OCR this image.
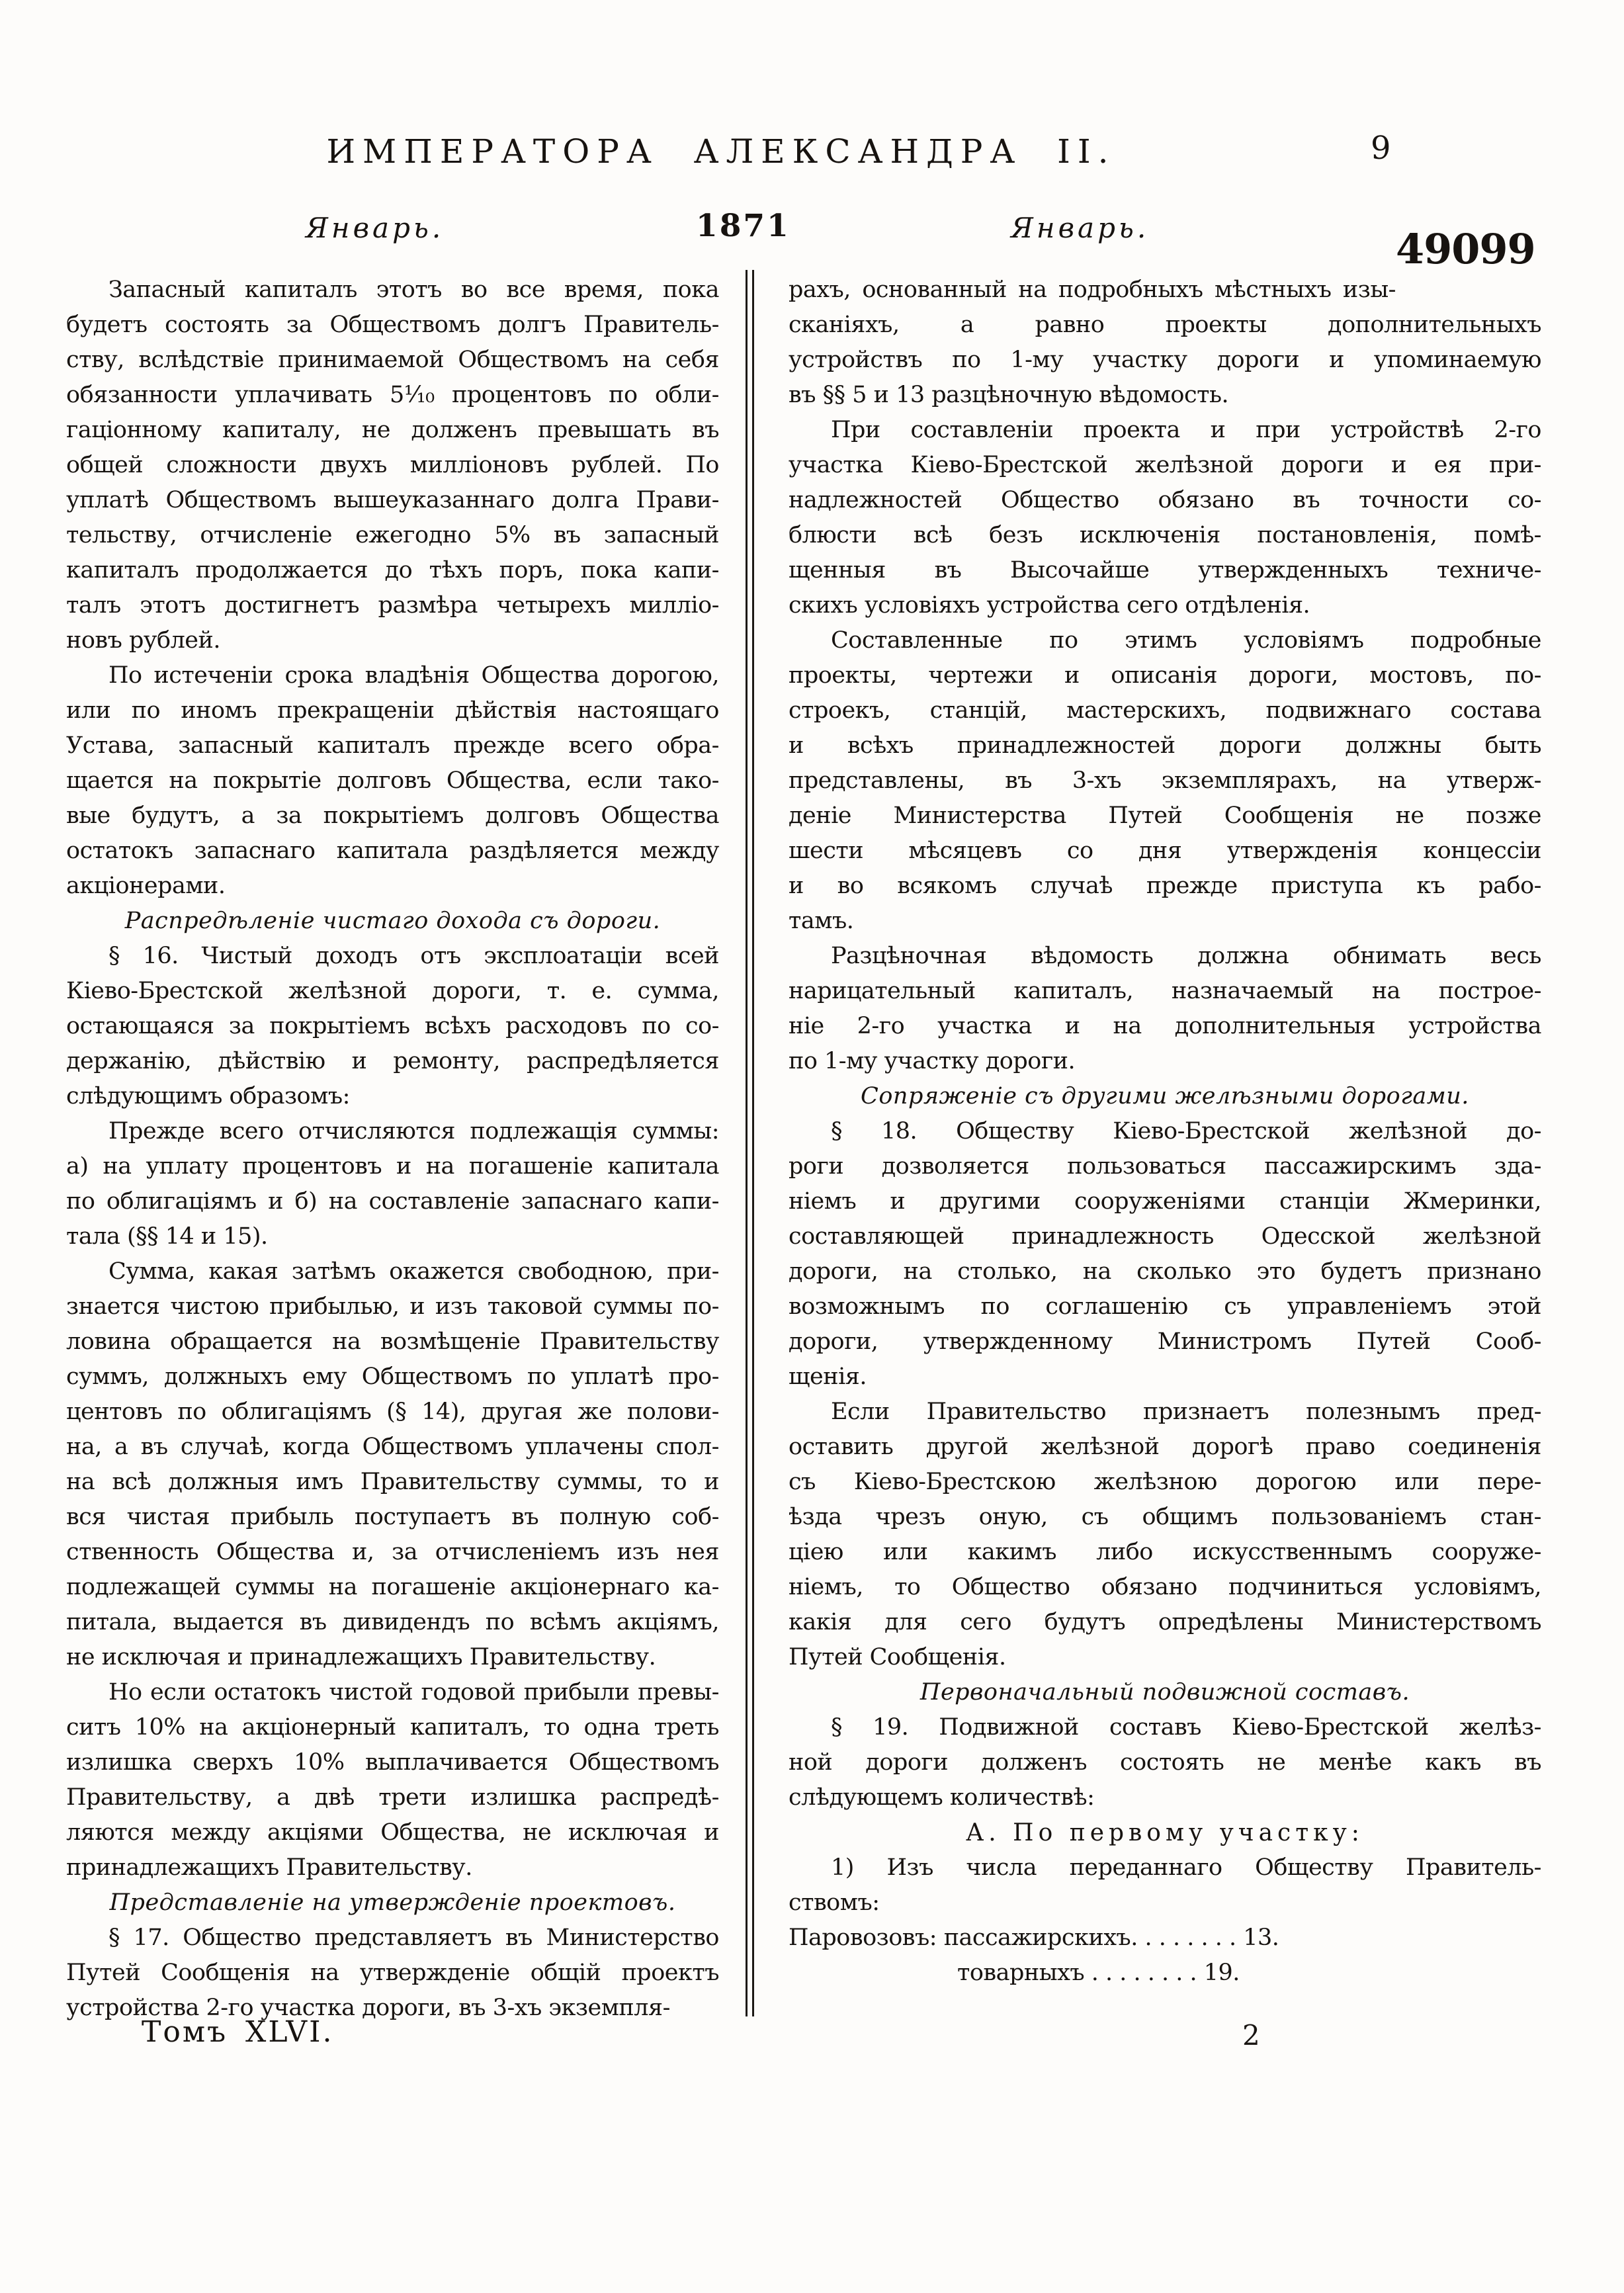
ИМПЕРАТОРА АЛЕКСАНДРА II.	9
Январь.	1871	Январь.	49099
Запасный капиталъ этотъ во все время, пока
будетъ состоять за Обществомъ долгъ Правитель-
ству, вслѣдствіе принимаемой Обществомъ на себя
обязанности уплачивать 5¹⁄₁₀ процентовъ по обли-
гаціонному капиталу, не долженъ превышать въ
общей сложности двухъ милліоновъ рублей. По
уплатѣ Обществомъ вышеуказаннаго долга Прави-
тельству, отчисленіе ежегодно 5% въ запасный
капиталъ продолжается до тѣхъ поръ, пока капи-
талъ этотъ достигнетъ размѣра четырехъ милліо-
новъ рублей.
По истеченіи срока владѣнія Общества дорогою,
или по иномъ прекращеніи дѣйствія настоящаго
Устава, запасный капиталъ прежде всего обра-
щается на покрытіе долговъ Общества, если тако-
вые будутъ, а за покрытіемъ долговъ Общества
остатокъ запаснаго капитала раздѣляется между
акціонерами.
Распредѣленіе чистаго дохода съ дороги.
§ 16. Чистый доходъ отъ эксплоатаціи всей
Кіево-Брестской желѣзной дороги, т. е. сумма,
остающаяся за покрытіемъ всѣхъ расходовъ по со-
держанію, дѣйствію и ремонту, распредѣляется
слѣдующимъ образомъ:
Прежде всего отчисляются подлежащія суммы:
а) на уплату процентовъ и на погашеніе капитала
по облигаціямъ и б) на составленіе запаснаго капи-
тала (§§ 14 и 15).
Сумма, какая затѣмъ окажется свободною, при-
знается чистою прибылью, и изъ таковой суммы по-
ловина обращается на возмѣщеніе Правительству
суммъ, должныхъ ему Обществомъ по уплатѣ про-
центовъ по облигаціямъ (§ 14), другая же полови-
на, а въ случаѣ, когда Обществомъ уплачены спол-
на всѣ должныя имъ Правительству суммы, то и
вся чистая прибыль поступаетъ въ полную соб-
ственность Общества и, за отчисленіемъ изъ нея
подлежащей суммы на погашеніе акціонернаго ка-
питала, выдается въ дивидендъ по всѣмъ акціямъ,
не исключая и принадлежащихъ Правительству.
Но если остатокъ чистой годовой прибыли превы-
ситъ 10% на акціонерный капиталъ, то одна треть
излишка сверхъ 10% выплачивается Обществомъ
Правительству, а двѣ трети излишка распредѣ-
ляются между акціями Общества, не исключая и
принадлежащихъ Правительству.
Представленіе на утвержденіе проектовъ.
§ 17. Общество представляетъ въ Министерство
Путей Сообщенія на утвержденіе общій проектъ
устройства 2-го участка дороги, въ 3-хъ экземпля-
рахъ, основанный на подробныхъ мѣстныхъ изы-
сканіяхъ, а равно проекты дополнительныхъ
устройствъ по 1-му участку дороги и упоминаемую
въ §§ 5 и 13 разцѣночную вѣдомость.
При составленіи проекта и при устройствѣ 2-го
участка Кіево-Брестской желѣзной дороги и ея при-
надлежностей Общество обязано въ точности со-
блюсти всѣ безъ исключенія постановленія, помѣ-
щенныя въ Высочайше утвержденныхъ техниче-
скихъ условіяхъ устройства сего отдѣленія.
Составленные по этимъ условіямъ подробные
проекты, чертежи и описанія дороги, мостовъ, по-
строекъ, станцій, мастерскихъ, подвижнаго состава
и всѣхъ принадлежностей дороги должны быть
представлены, въ 3-хъ экземплярахъ, на утверж-
деніе Министерства Путей Сообщенія не позже
шести мѣсяцевъ со дня утвержденія концессіи
и во всякомъ случаѣ прежде приступа къ рабо-
тамъ.
Разцѣночная вѣдомость должна обнимать весь
нарицательный капиталъ, назначаемый на построе-
ніе 2-го участка и на дополнительныя устройства
по 1-му участку дороги.
Сопряженіе съ другими желѣзными дорогами.
§ 18. Обществу Кіево-Брестской желѣзной до-
роги дозволяется пользоваться пассажирскимъ зда-
ніемъ и другими сооруженіями станціи Жмеринки,
составляющей принадлежность Одесской желѣзной
дороги, на столько, на сколько это будетъ признано
возможнымъ по соглашенію съ управленіемъ этой
дороги, утвержденному Министромъ Путей Сооб-
щенія.
Если Правительство признаетъ полезнымъ пред-
оставить другой желѣзной дорогѣ право соединенія
съ Кіево-Брестскою желѣзною дорогою или пере-
ѣзда чрезъ оную, съ общимъ пользованіемъ стан-
ціею или какимъ либо искусственнымъ сооруже-
ніемъ, то Общество обязано подчиниться условіямъ,
какія для сего будутъ опредѣлены Министерствомъ
Путей Сообщенія.
Первоначальный подвижной составъ.
§ 19. Подвижной составъ Кіево-Брестской желѣз-
ной дороги долженъ состоять не менѣе какъ въ
слѣдующемъ количествѣ:
А. По первому участку:
1) Изъ числа переданнаго Обществу Правитель-
ствомъ:
Паровозовъ: пассажирскихъ. . . . . . . . 13.
товарныхъ . . . . . . . . 19.
Томъ XLVI.	2
